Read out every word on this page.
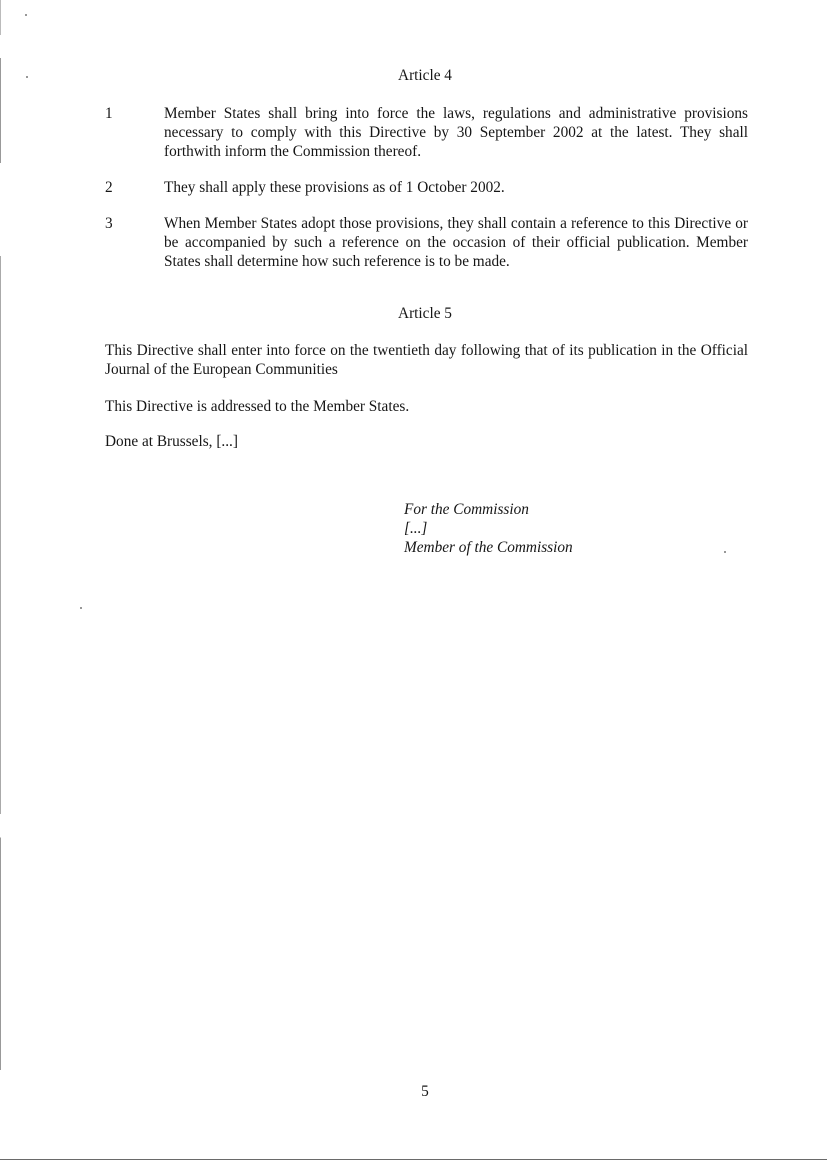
Article 4
1	Member States shall bring into force the laws, regulations and administrative provisions necessary to comply with this Directive by 30 September 2002 at the latest. They shall forthwith inform the Commission thereof.
2	They shall apply these provisions as of 1 October 2002.
3	When Member States adopt those provisions, they shall contain a reference to this Directive or be accompanied by such a reference on the occasion of their official publication. Member States shall determine how such reference is to be made.
Article 5
This Directive shall enter into force on the twentieth day following that of its publication in the Official Journal of the European Communities
This Directive is addressed to the Member States.
Done at Brussels, [...]
For the Commission
[...]
Member of the Commission
5
